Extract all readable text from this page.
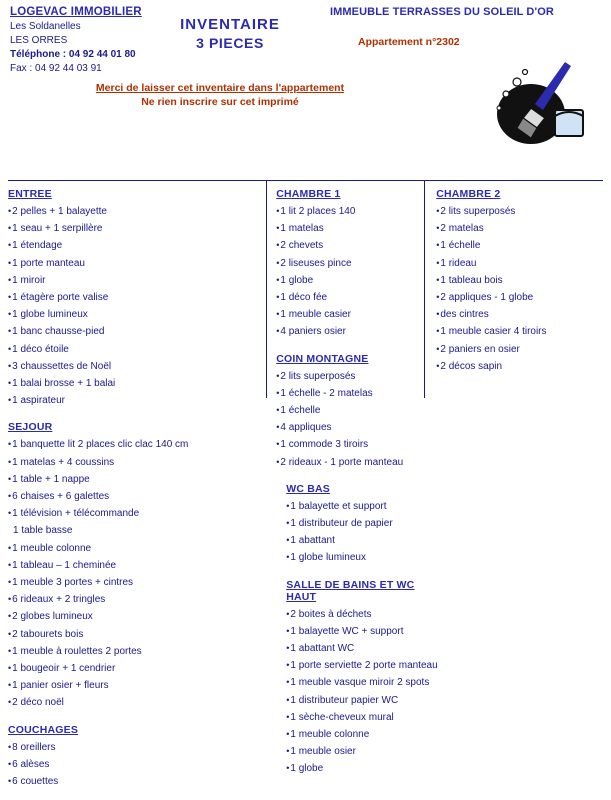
LOGEVAC IMMOBILIER
Les Soldanelles
LES ORRES
Téléphone : 04 92 44 01 80
Fax : 04 92 44 03 91
IMMEUBLE TERRASSES DU SOLEIL D'OR
Appartement n°2302
Merci de laisser cet inventaire dans l'appartement
Ne rien inscrire sur cet imprimé
INVENTAIRE
3 PIECES
ENTREE
• 2 pelles + 1 balayette
• 1 seau + 1 serpillère
• 1 étendage
• 1 porte manteau
• 1 miroir
• 1 étagère porte valise
• 1 globe lumineux
• 1 banc chausse-pied
• 1 déco étoile
• 3 chaussettes de Noël
• 1 balai brosse + 1 balai
• 1 aspirateur
SEJOUR
• 1 banquette lit 2 places clic clac 140 cm
• 1 matelas + 4 coussins
• 1 table + 1 nappe
• 6 chaises + 6 galettes
• 1 télévision + télécommande
1 table basse
• 1 meuble colonne
• 1 tableau – 1 cheminée
• 1 meuble 3 portes + cintres
• 6 rideaux + 2 tringles
• 2 globes lumineux
• 2 tabourets bois
• 1 meuble à roulettes 2 portes
• 1 bougeoir + 1 cendrier
• 1 panier osier + fleurs
• 2 déco noël
COUCHAGES
• 8 oreillers
• 6 alèses
• 6 couettes
CHAMBRE 1
• 1 lit 2 places 140
• 1 matelas
• 2 chevets
• 2 liseuses pince
• 1 globe
• 1 déco fée
• 1 meuble casier
• 4 paniers osier
COIN MONTAGNE
• 2 lits superposés
• 1 échelle - 2 matelas
• 1 échelle
• 4 appliques
• 1 commode 3 tiroirs
• 2 rideaux - 1 porte manteau
WC BAS
• 1 balayette et support
• 1 distributeur de papier
• 1 abattant
• 1 globe lumineux
SALLE DE BAINS ET WC HAUT
• 2 boites à déchets
• 1 balayette WC + support
• 1 abattant WC
• 1 porte serviette 2 porte manteau
• 1 meuble vasque miroir 2 spots
• 1 distributeur papier WC
• 1 sèche-cheveux mural
• 1 meuble colonne
• 1 meuble osier
• 1 globe
CHAMBRE 2
• 2 lits superposés
• 2 matelas
• 1 échelle
• 1 rideau
• 1 tableau bois
• 2 appliques - 1 globe
• des cintres
• 1 meuble casier 4 tiroirs
• 2 paniers en osier
• 2 décos sapin
